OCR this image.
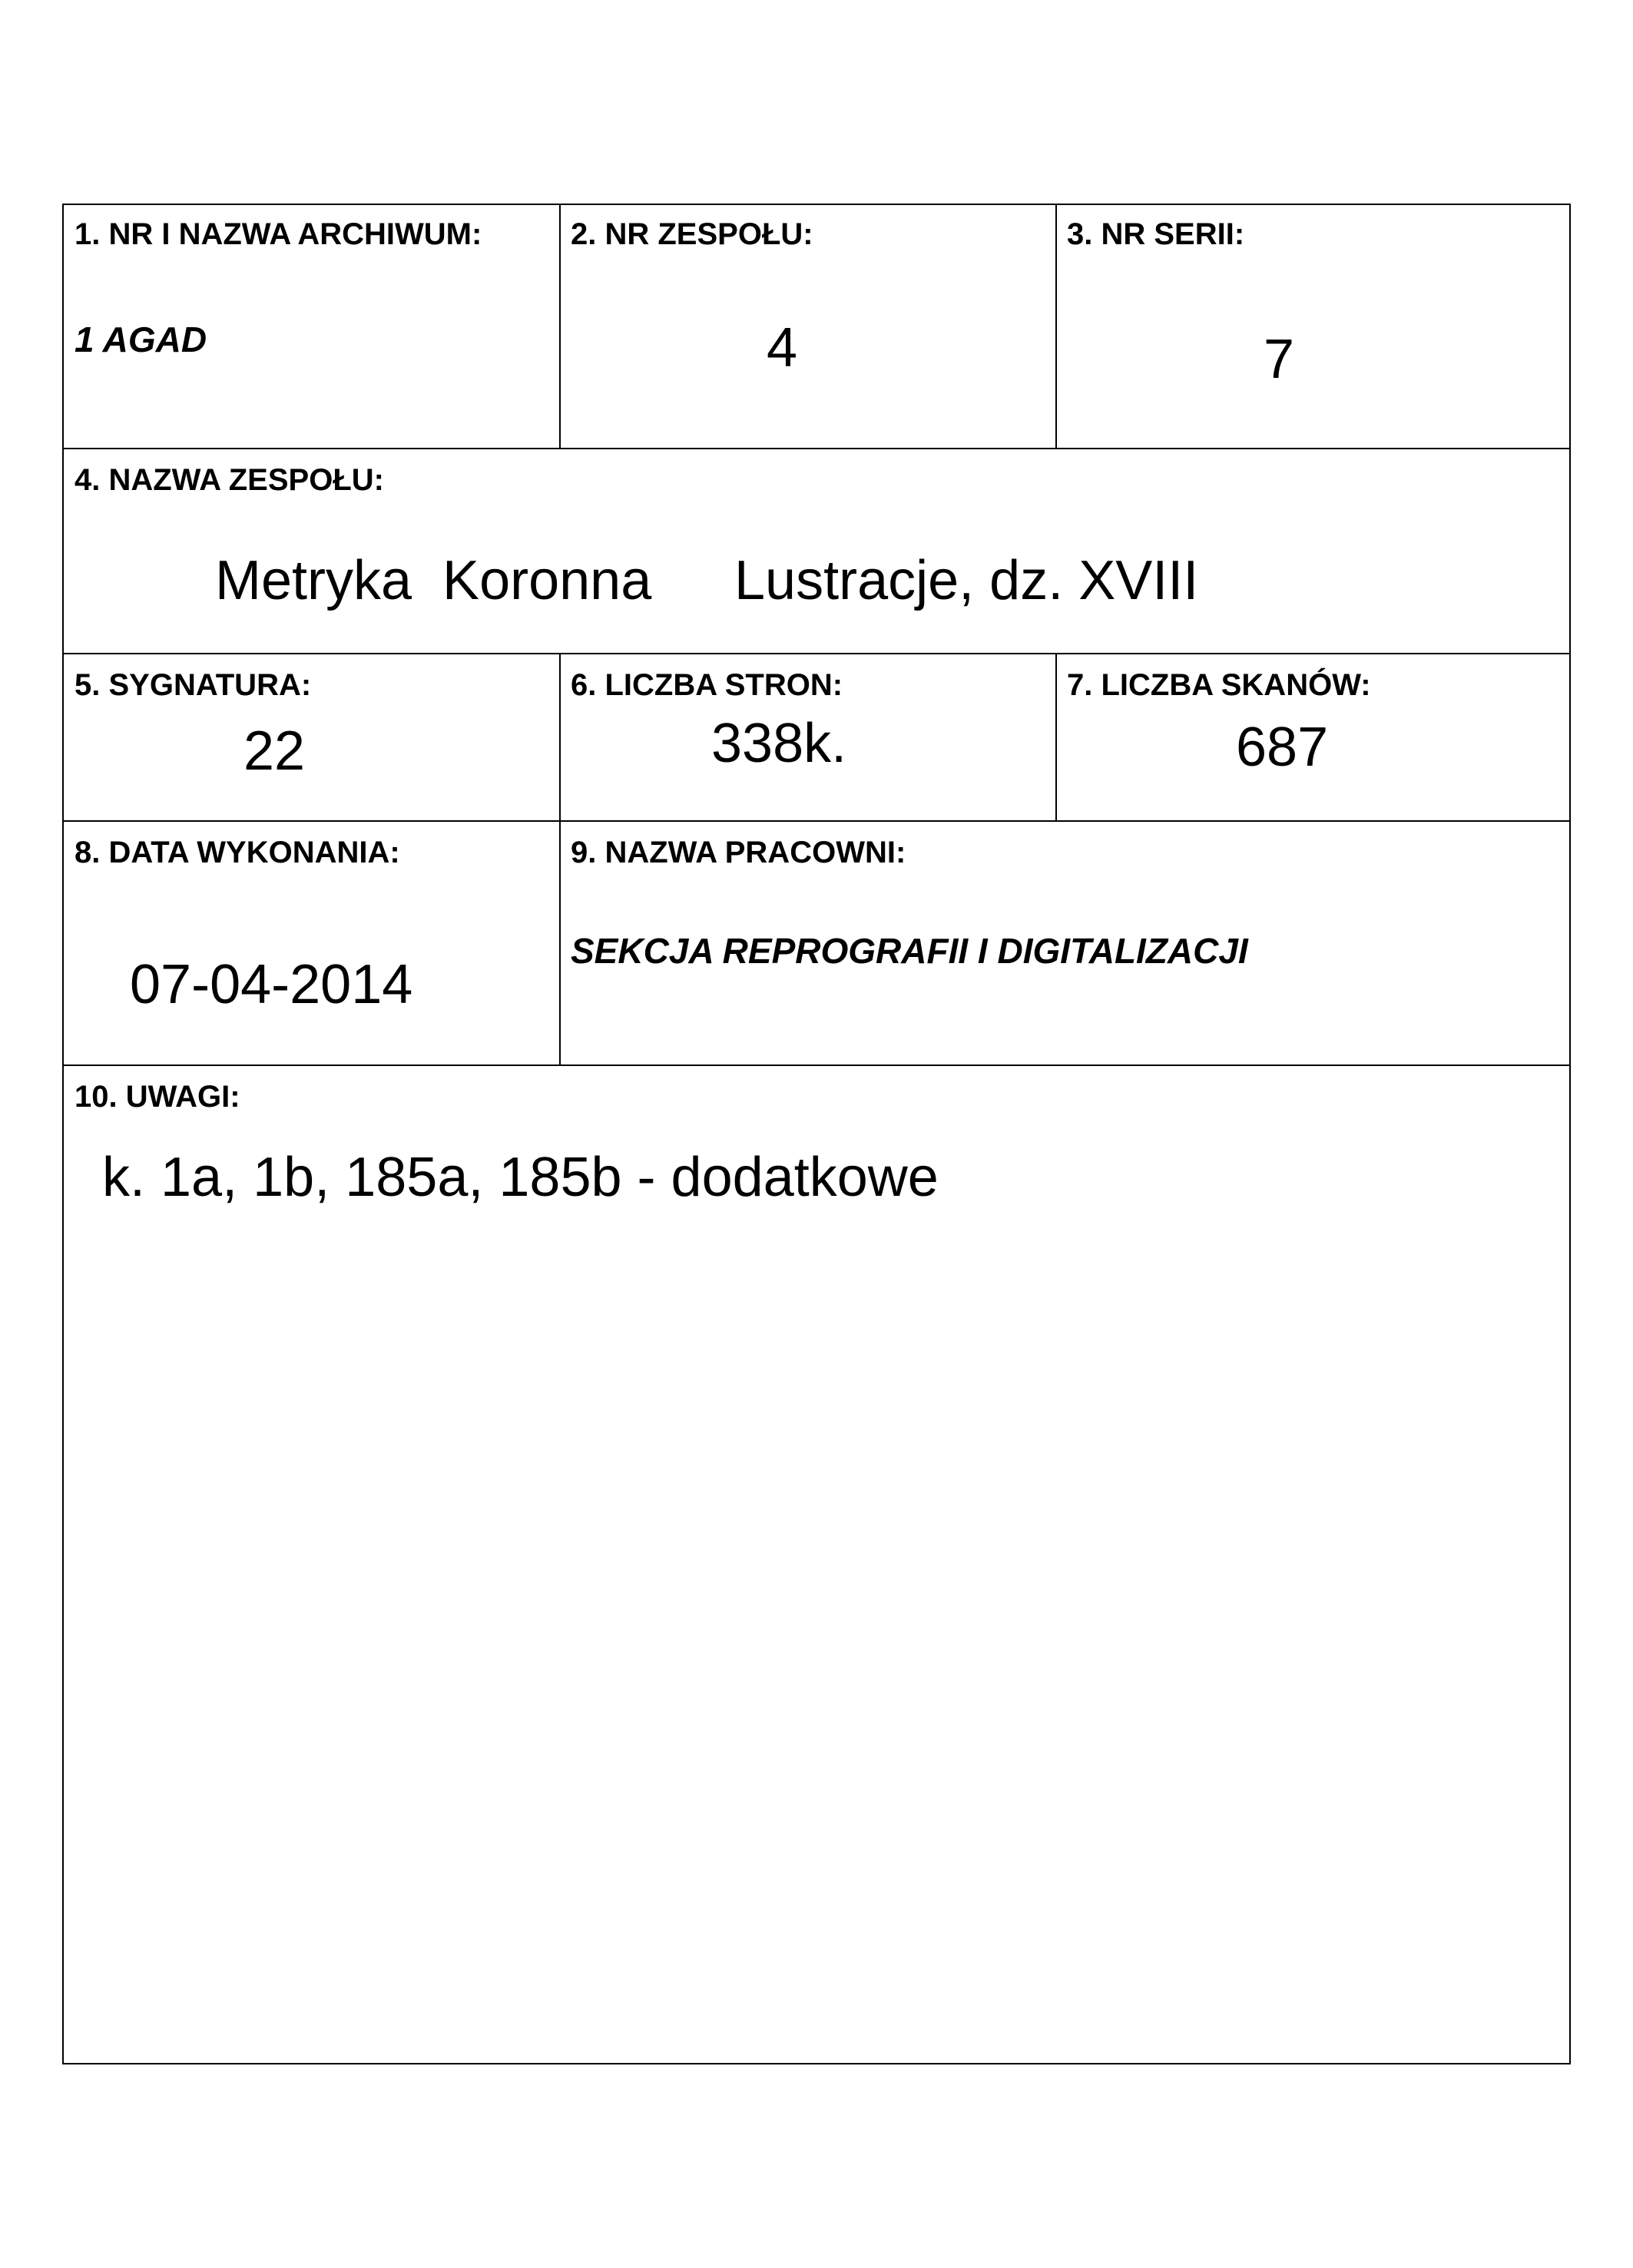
1. NR I NAZWA ARCHIWUM:
1 AGAD
2. NR ZESPOŁU:
4
3. NR SERII:
7
4. NAZWA ZESPOŁU:
Metryka  Koronna Lustracje, dz. XVIII
5. SYGNATURA:
22
6. LICZBA STRON:
338k.
7. LICZBA SKANÓW:
687
8. DATA WYKONANIA:
07-04-2014
9. NAZWA PRACOWNI:
SEKCJA REPROGRAFII I DIGITALIZACJI
10. UWAGI:
k. 1a, 1b, 185a, 185b - dodatkowe
